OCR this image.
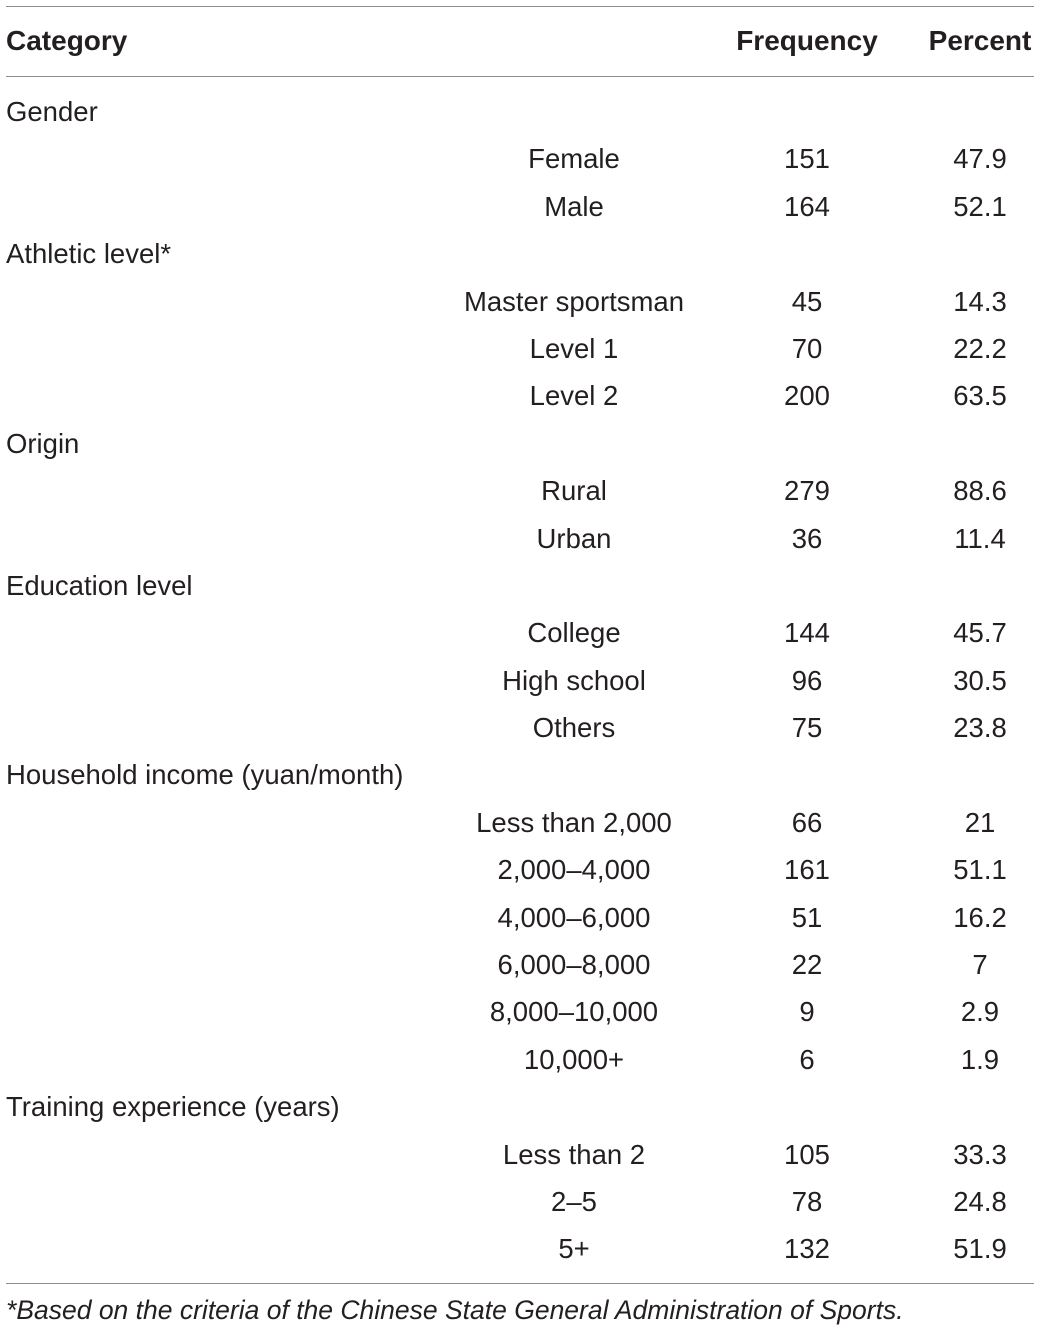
Category	Frequency	Percent
Gender
Female	151	47.9
Male	164	52.1
Athletic level*
Master sportsman	45	14.3
Level 1	70	22.2
Level 2	200	63.5
Origin
Rural	279	88.6
Urban	36	11.4
Education level
College	144	45.7
High school	96	30.5
Others	75	23.8
Household income (yuan/month)
Less than 2,000	66	21
2,000–4,000	161	51.1
4,000–6,000	51	16.2
6,000–8,000	22	7
8,000–10,000	9	2.9
10,000+	6	1.9
Training experience (years)
Less than 2	105	33.3
2–5	78	24.8
5+	132	51.9
*Based on the criteria of the Chinese State General Administration of Sports.
